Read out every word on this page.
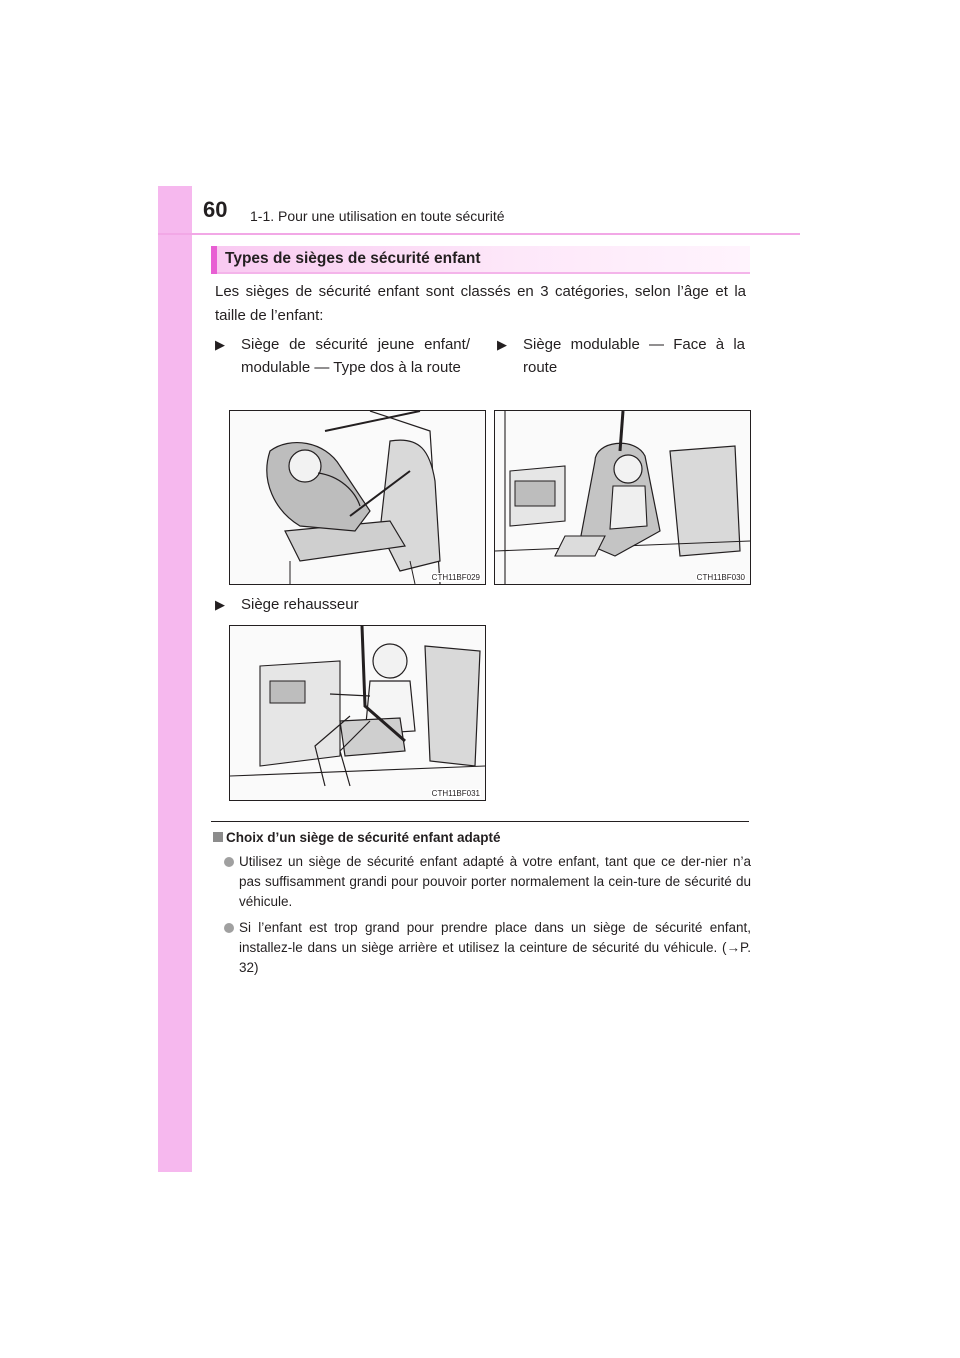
60 1-1. Pour une utilisation en toute sécurité
Types de sièges de sécurité enfant
Les sièges de sécurité enfant sont classés en 3 catégories, selon l’âge et la taille de l’enfant:
▶ Siège de sécurité jeune enfant/ modulable — Type dos à la route
▶ Siège modulable — Face à la route
CTH11BF029	CTH11BF030
▶ Siège rehausseur
CTH11BF031
Choix d’un siège de sécurité enfant adapté
Utilisez un siège de sécurité enfant adapté à votre enfant, tant que ce der-nier n’a pas suffisamment grandi pour pouvoir porter normalement la cein-ture de sécurité du véhicule.
Si l’enfant est trop grand pour prendre place dans un siège de sécurité enfant, installez-le dans un siège arrière et utilisez la ceinture de sécurité du véhicule. (→P. 32)
